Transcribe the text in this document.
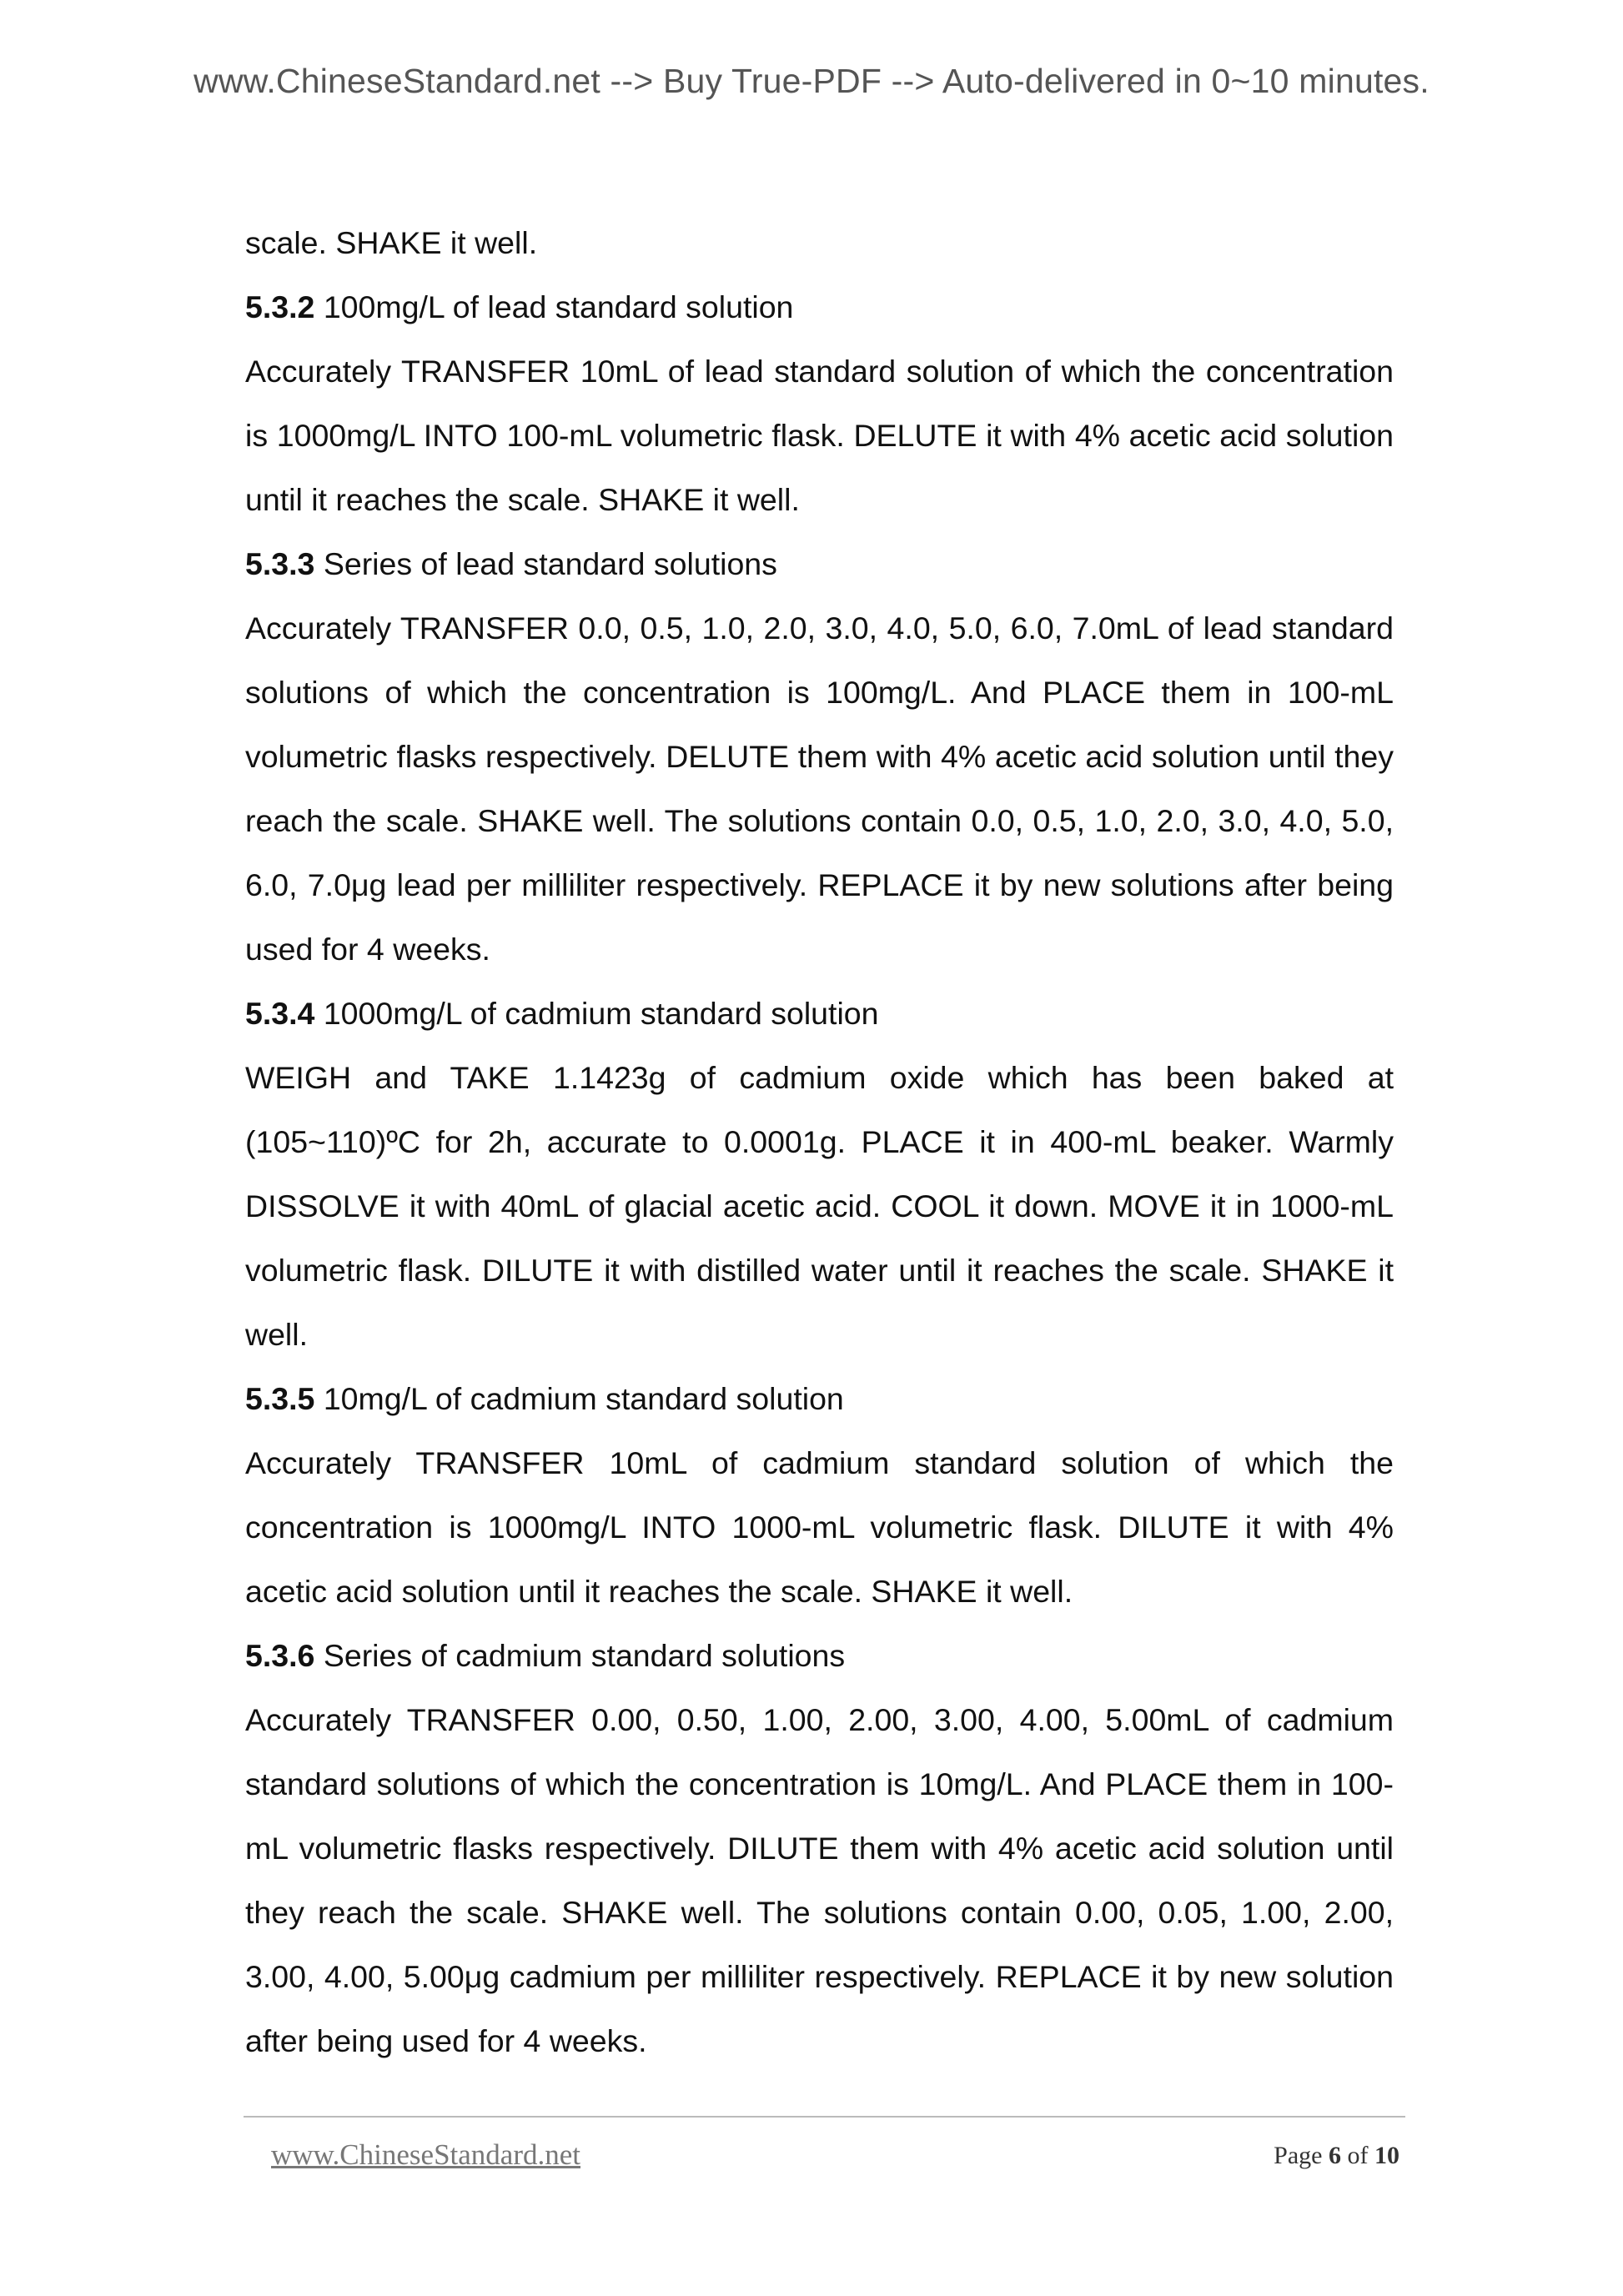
www.ChineseStandard.net --> Buy True-PDF --> Auto-delivered in 0~10 minutes.

scale. SHAKE it well.

5.3.2 100mg/L of lead standard solution

Accurately TRANSFER 10mL of lead standard solution of which the concentration is 1000mg/L INTO 100-mL volumetric flask. DELUTE it with 4% acetic acid solution until it reaches the scale. SHAKE it well.

5.3.3 Series of lead standard solutions

Accurately TRANSFER 0.0, 0.5, 1.0, 2.0, 3.0, 4.0, 5.0, 6.0, 7.0mL of lead standard solutions of which the concentration is 100mg/L. And PLACE them in 100-mL volumetric flasks respectively. DELUTE them with 4% acetic acid solution until they reach the scale. SHAKE well. The solutions contain 0.0, 0.5, 1.0, 2.0, 3.0, 4.0, 5.0, 6.0, 7.0μg lead per milliliter respectively. REPLACE it by new solutions after being used for 4 weeks.

5.3.4 1000mg/L of cadmium standard solution

WEIGH and TAKE 1.1423g of cadmium oxide which has been baked at (105~110)ºC for 2h, accurate to 0.0001g. PLACE it in 400-mL beaker. Warmly DISSOLVE it with 40mL of glacial acetic acid. COOL it down. MOVE it in 1000-mL volumetric flask. DILUTE it with distilled water until it reaches the scale. SHAKE it well.

5.3.5 10mg/L of cadmium standard solution

Accurately TRANSFER 10mL of cadmium standard solution of which the concentration is 1000mg/L INTO 1000-mL volumetric flask. DILUTE it with 4% acetic acid solution until it reaches the scale. SHAKE it well.

5.3.6 Series of cadmium standard solutions

Accurately TRANSFER 0.00, 0.50, 1.00, 2.00, 3.00, 4.00, 5.00mL of cadmium standard solutions of which the concentration is 10mg/L. And PLACE them in 100-mL volumetric flasks respectively. DILUTE them with 4% acetic acid solution until they reach the scale. SHAKE well. The solutions contain 0.00, 0.05, 1.00, 2.00, 3.00, 4.00, 5.00μg cadmium per milliliter respectively. REPLACE it by new solution after being used for 4 weeks.

www.ChineseStandard.net	Page 6 of 10
